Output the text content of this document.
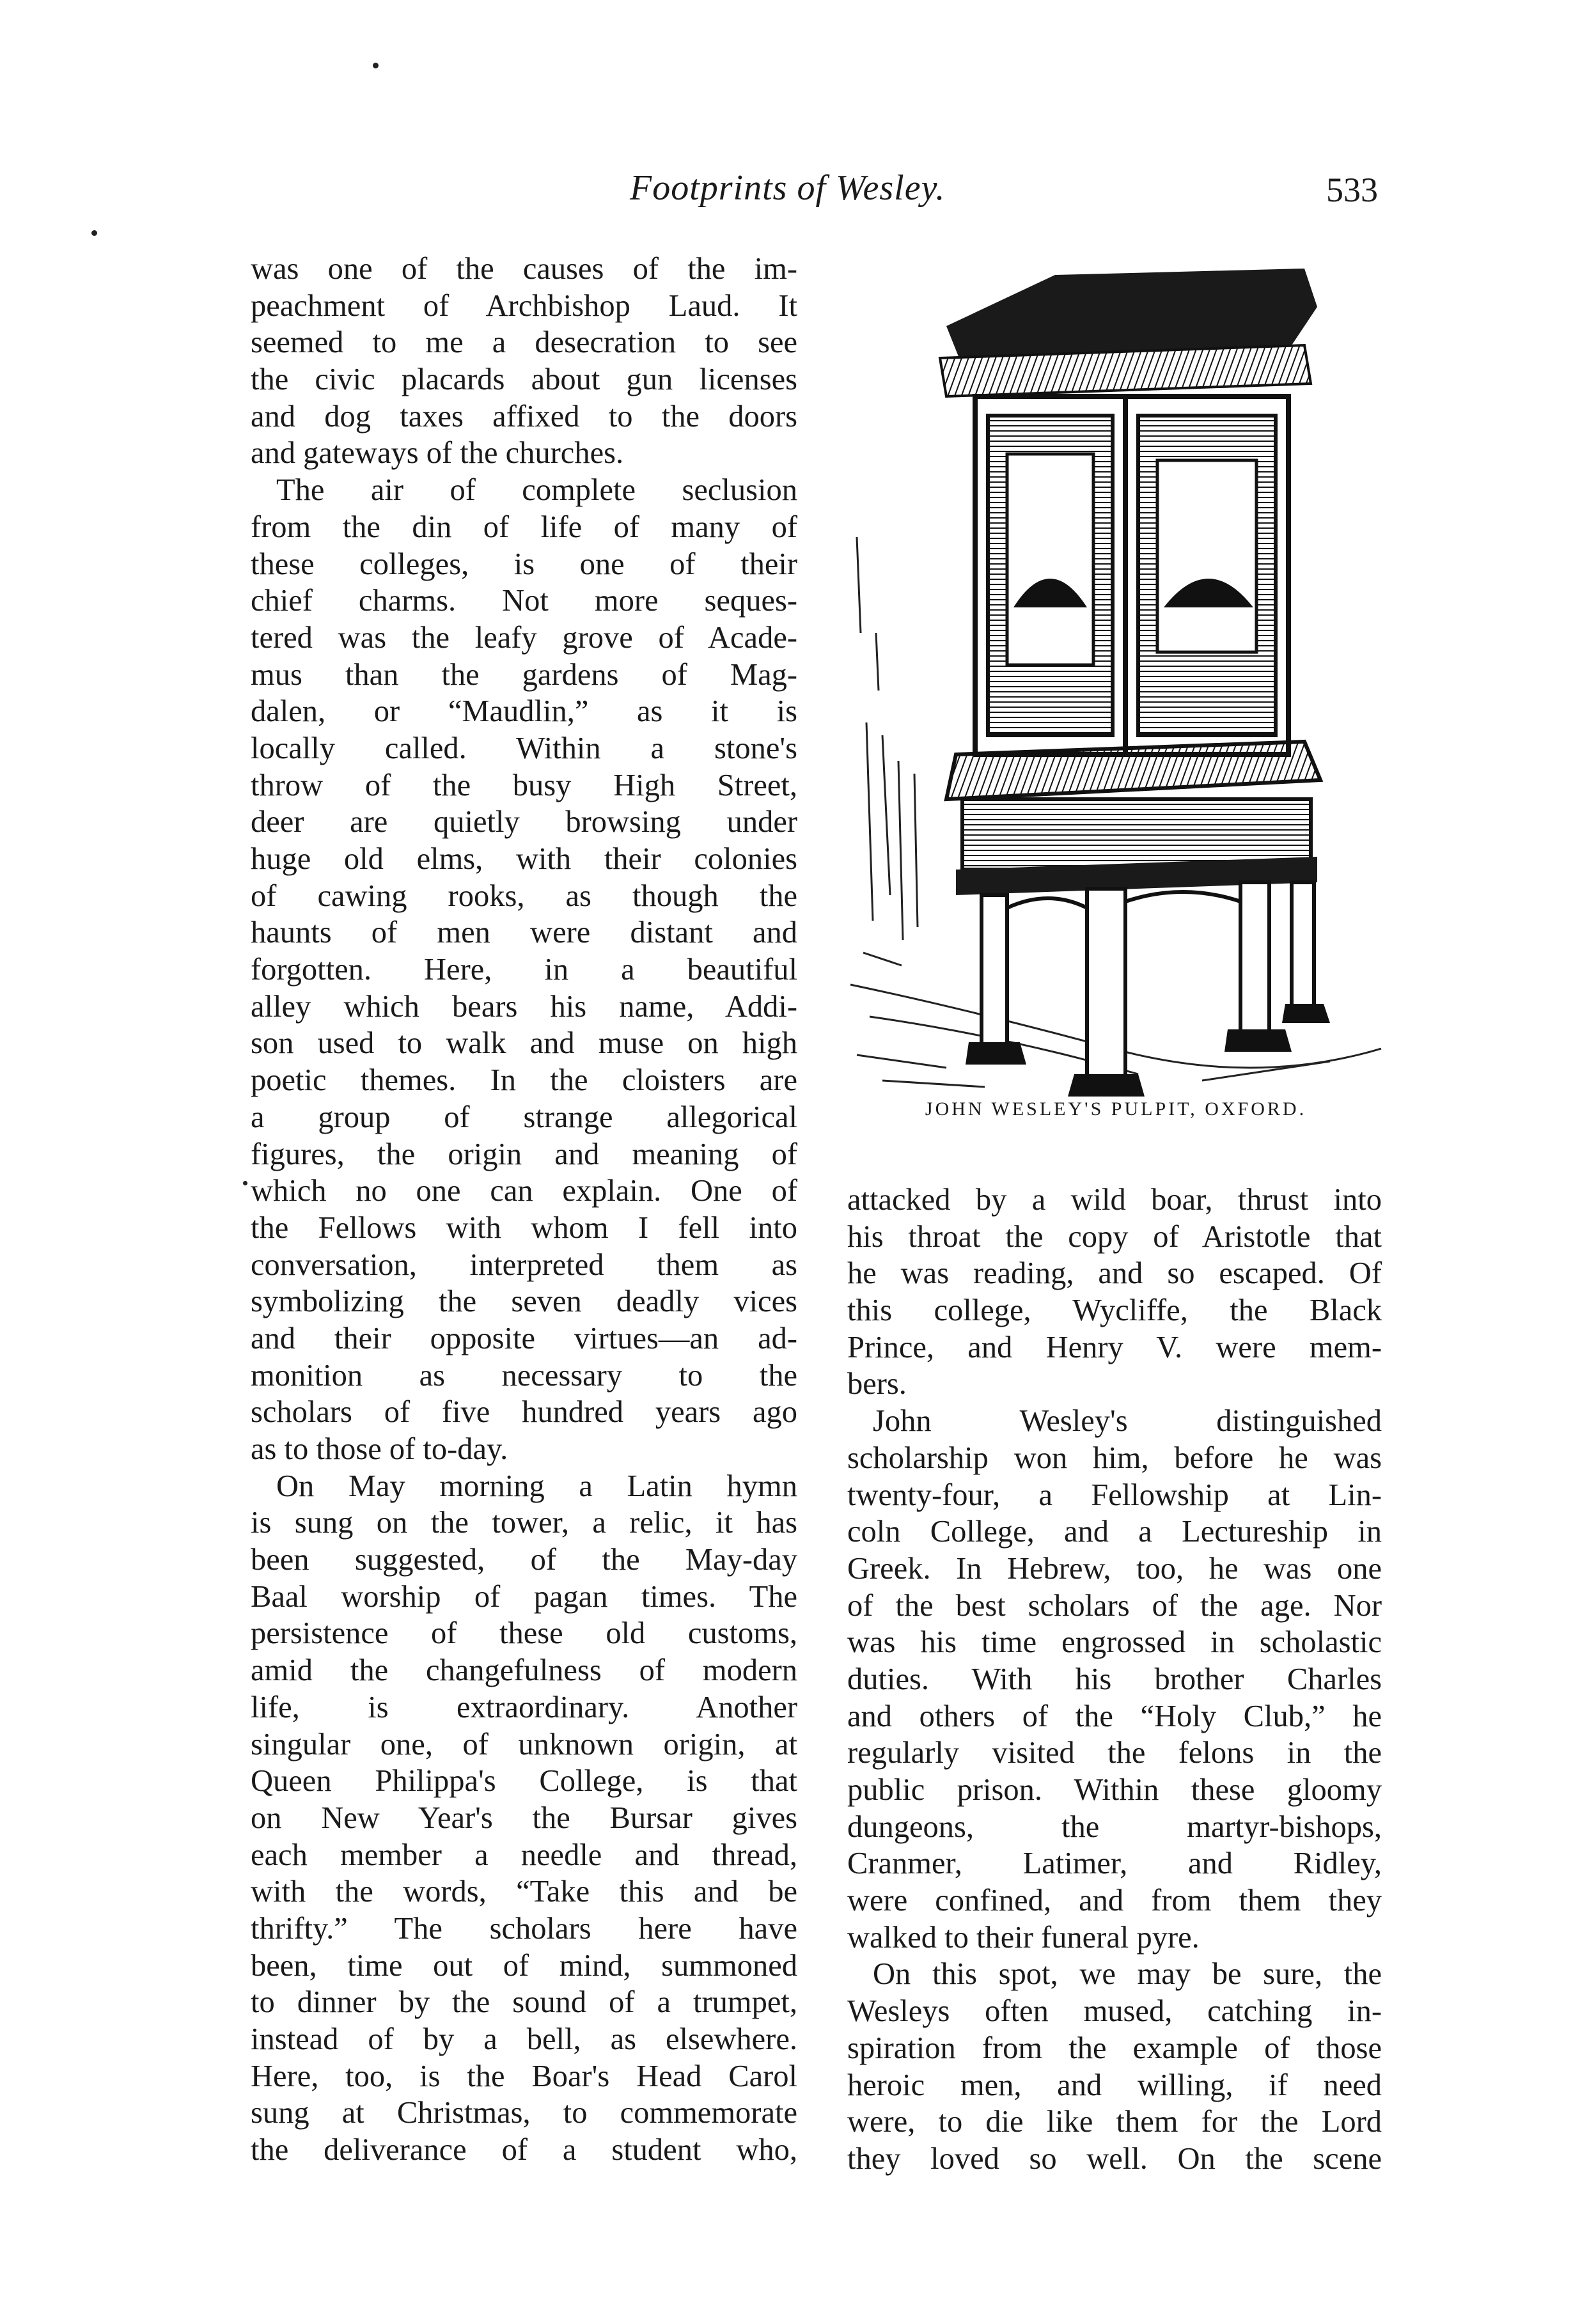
Footprints of Wesley.	533
was one of the causes of the im-
peachment of Archbishop Laud. It
seemed to me a desecration to see
the civic placards about gun licenses
and dog taxes affixed to the doors
and gateways of the churches.
The air of complete seclusion
from the din of life of many of
these colleges, is one of their
chief charms. Not more seques-
tered was the leafy grove of Acade-
mus than the gardens of Mag-
dalen, or “Maudlin,” as it is
locally called. Within a stone's
throw of the busy High Street,
deer are quietly browsing under
huge old elms, with their colonies
of cawing rooks, as though the
haunts of men were distant and
forgotten. Here, in a beautiful
alley which bears his name, Addi-
son used to walk and muse on high
poetic themes. In the cloisters are
a group of strange allegorical
figures, the origin and meaning of
which no one can explain. One of
the Fellows with whom I fell into
conversation, interpreted them as
symbolizing the seven deadly vices
and their opposite virtues—an ad-
monition as necessary to the
scholars of five hundred years ago
as to those of to-day.
On May morning a Latin hymn
is sung on the tower, a relic, it has
been suggested, of the May-day
Baal worship of pagan times. The
persistence of these old customs,
amid the changefulness of modern
life, is extraordinary. Another
singular one, of unknown origin, at
Queen Philippa's College, is that
on New Year's the Bursar gives
each member a needle and thread,
with the words, “Take this and be
thrifty.” The scholars here have
been, time out of mind, summoned
to dinner by the sound of a trumpet,
instead of by a bell, as elsewhere.
Here, too, is the Boar's Head Carol
sung at Christmas, to commemorate
the deliverance of a student who,
JOHN WESLEY'S PULPIT, OXFORD.
attacked by a wild boar, thrust into
his throat the copy of Aristotle that
he was reading, and so escaped. Of
this college, Wycliffe, the Black
Prince, and Henry V. were mem-
bers.
John Wesley's distinguished
scholarship won him, before he was
twenty-four, a Fellowship at Lin-
coln College, and a Lectureship in
Greek. In Hebrew, too, he was one
of the best scholars of the age. Nor
was his time engrossed in scholastic
duties. With his brother Charles
and others of the “Holy Club,” he
regularly visited the felons in the
public prison. Within these gloomy
dungeons, the martyr-bishops,
Cranmer, Latimer, and Ridley,
were confined, and from them they
walked to their funeral pyre.
On this spot, we may be sure, the
Wesleys often mused, catching in-
spiration from the example of those
heroic men, and willing, if need
were, to die like them for the Lord
they loved so well. On the scene
